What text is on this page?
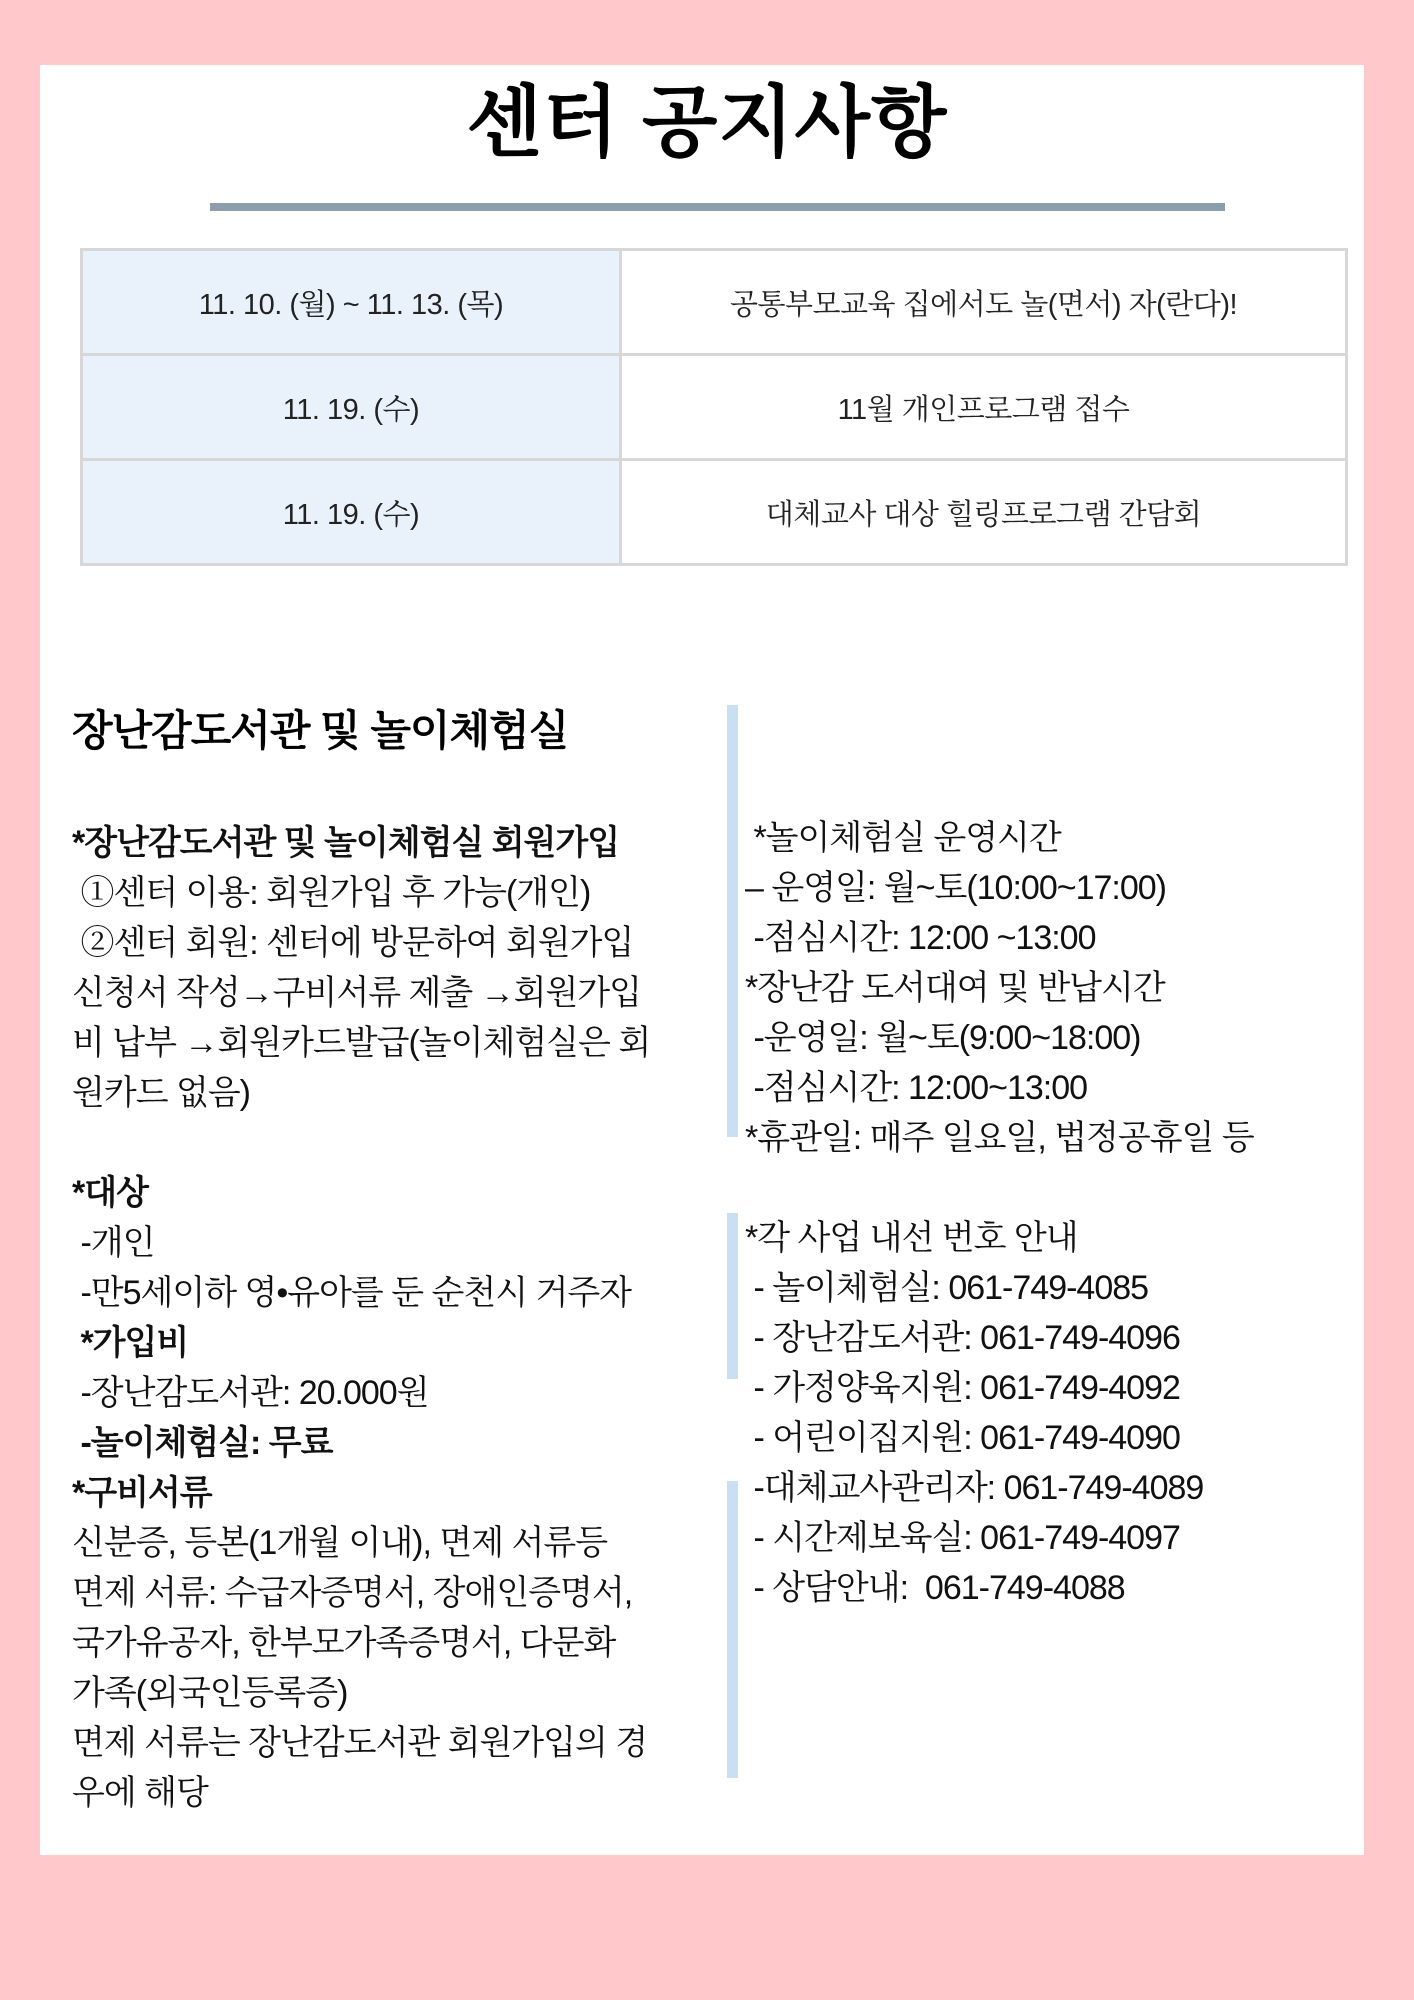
센터 공지사항
11. 10. (월) ~ 11. 13. (목)	공통부모교육 집에서도 놀(면서) 자(란다)!
11. 19. (수)	11월 개인프로그램 접수
11. 19. (수)	대체교사 대상 힐링프로그램 간담회
장난감도서관 및 놀이체험실
*장난감도서관 및 놀이체험실 회원가입
①센터 이용: 회원가입 후 가능(개인)
②센터 회원: 센터에 방문하여 회원가입
신청서 작성→구비서류 제출 →회원가입
비 납부 →회원카드발급(놀이체험실은 회
원카드 없음)
*대상
-개인
-만5세이하 영•유아를 둔 순천시 거주자
*가입비
-장난감도서관: 20.000원
-놀이체험실: 무료
*구비서류
신분증, 등본(1개월 이내), 면제 서류등
면제 서류: 수급자증명서, 장애인증명서,
국가유공자, 한부모가족증명서, 다문화
가족(외국인등록증)
면제 서류는 장난감도서관 회원가입의 경
우에 해당
*놀이체험실 운영시간
– 운영일: 월~토(10:00~17:00)
-점심시간: 12:00 ~13:00
*장난감 도서대여 및 반납시간
-운영일: 월~토(9:00~18:00)
-점심시간: 12:00~13:00
*휴관일: 매주 일요일, 법정공휴일 등
*각 사업 내선 번호 안내
- 놀이체험실: 061-749-4085
- 장난감도서관: 061-749-4096
- 가정양육지원: 061-749-4092
- 어린이집지원: 061-749-4090
-대체교사관리자: 061-749-4089
- 시간제보육실: 061-749-4097
- 상담안내:  061-749-4088
